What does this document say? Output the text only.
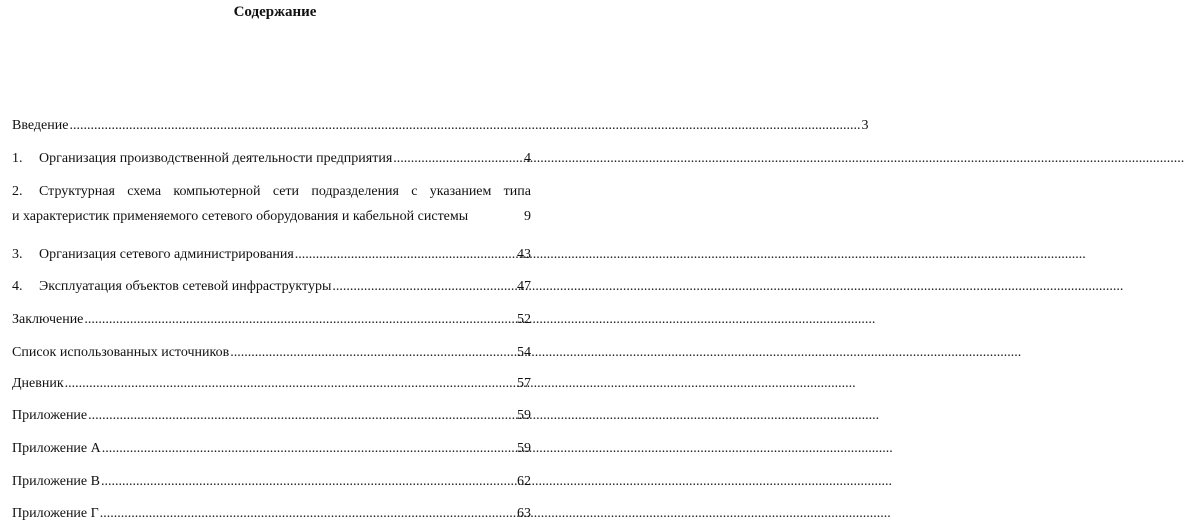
Содержание
Введение .....	3
1.	Организация производственной деятельности предприятия .....	4
2.	Структурная схема компьютерной сети подразделения с указанием типа
и характеристик применяемого сетевого оборудования и кабельной системы	9
3.	Организация сетевого администрирования .....	43
4.	Эксплуатация объектов сетевой инфраструктуры .....	47
Заключение .....	52
Список использованных источников .....	54
Дневник .....	57
Приложение .....	59
Приложение А .....	59
Приложение В .....	62
Приложение Г .....	63
